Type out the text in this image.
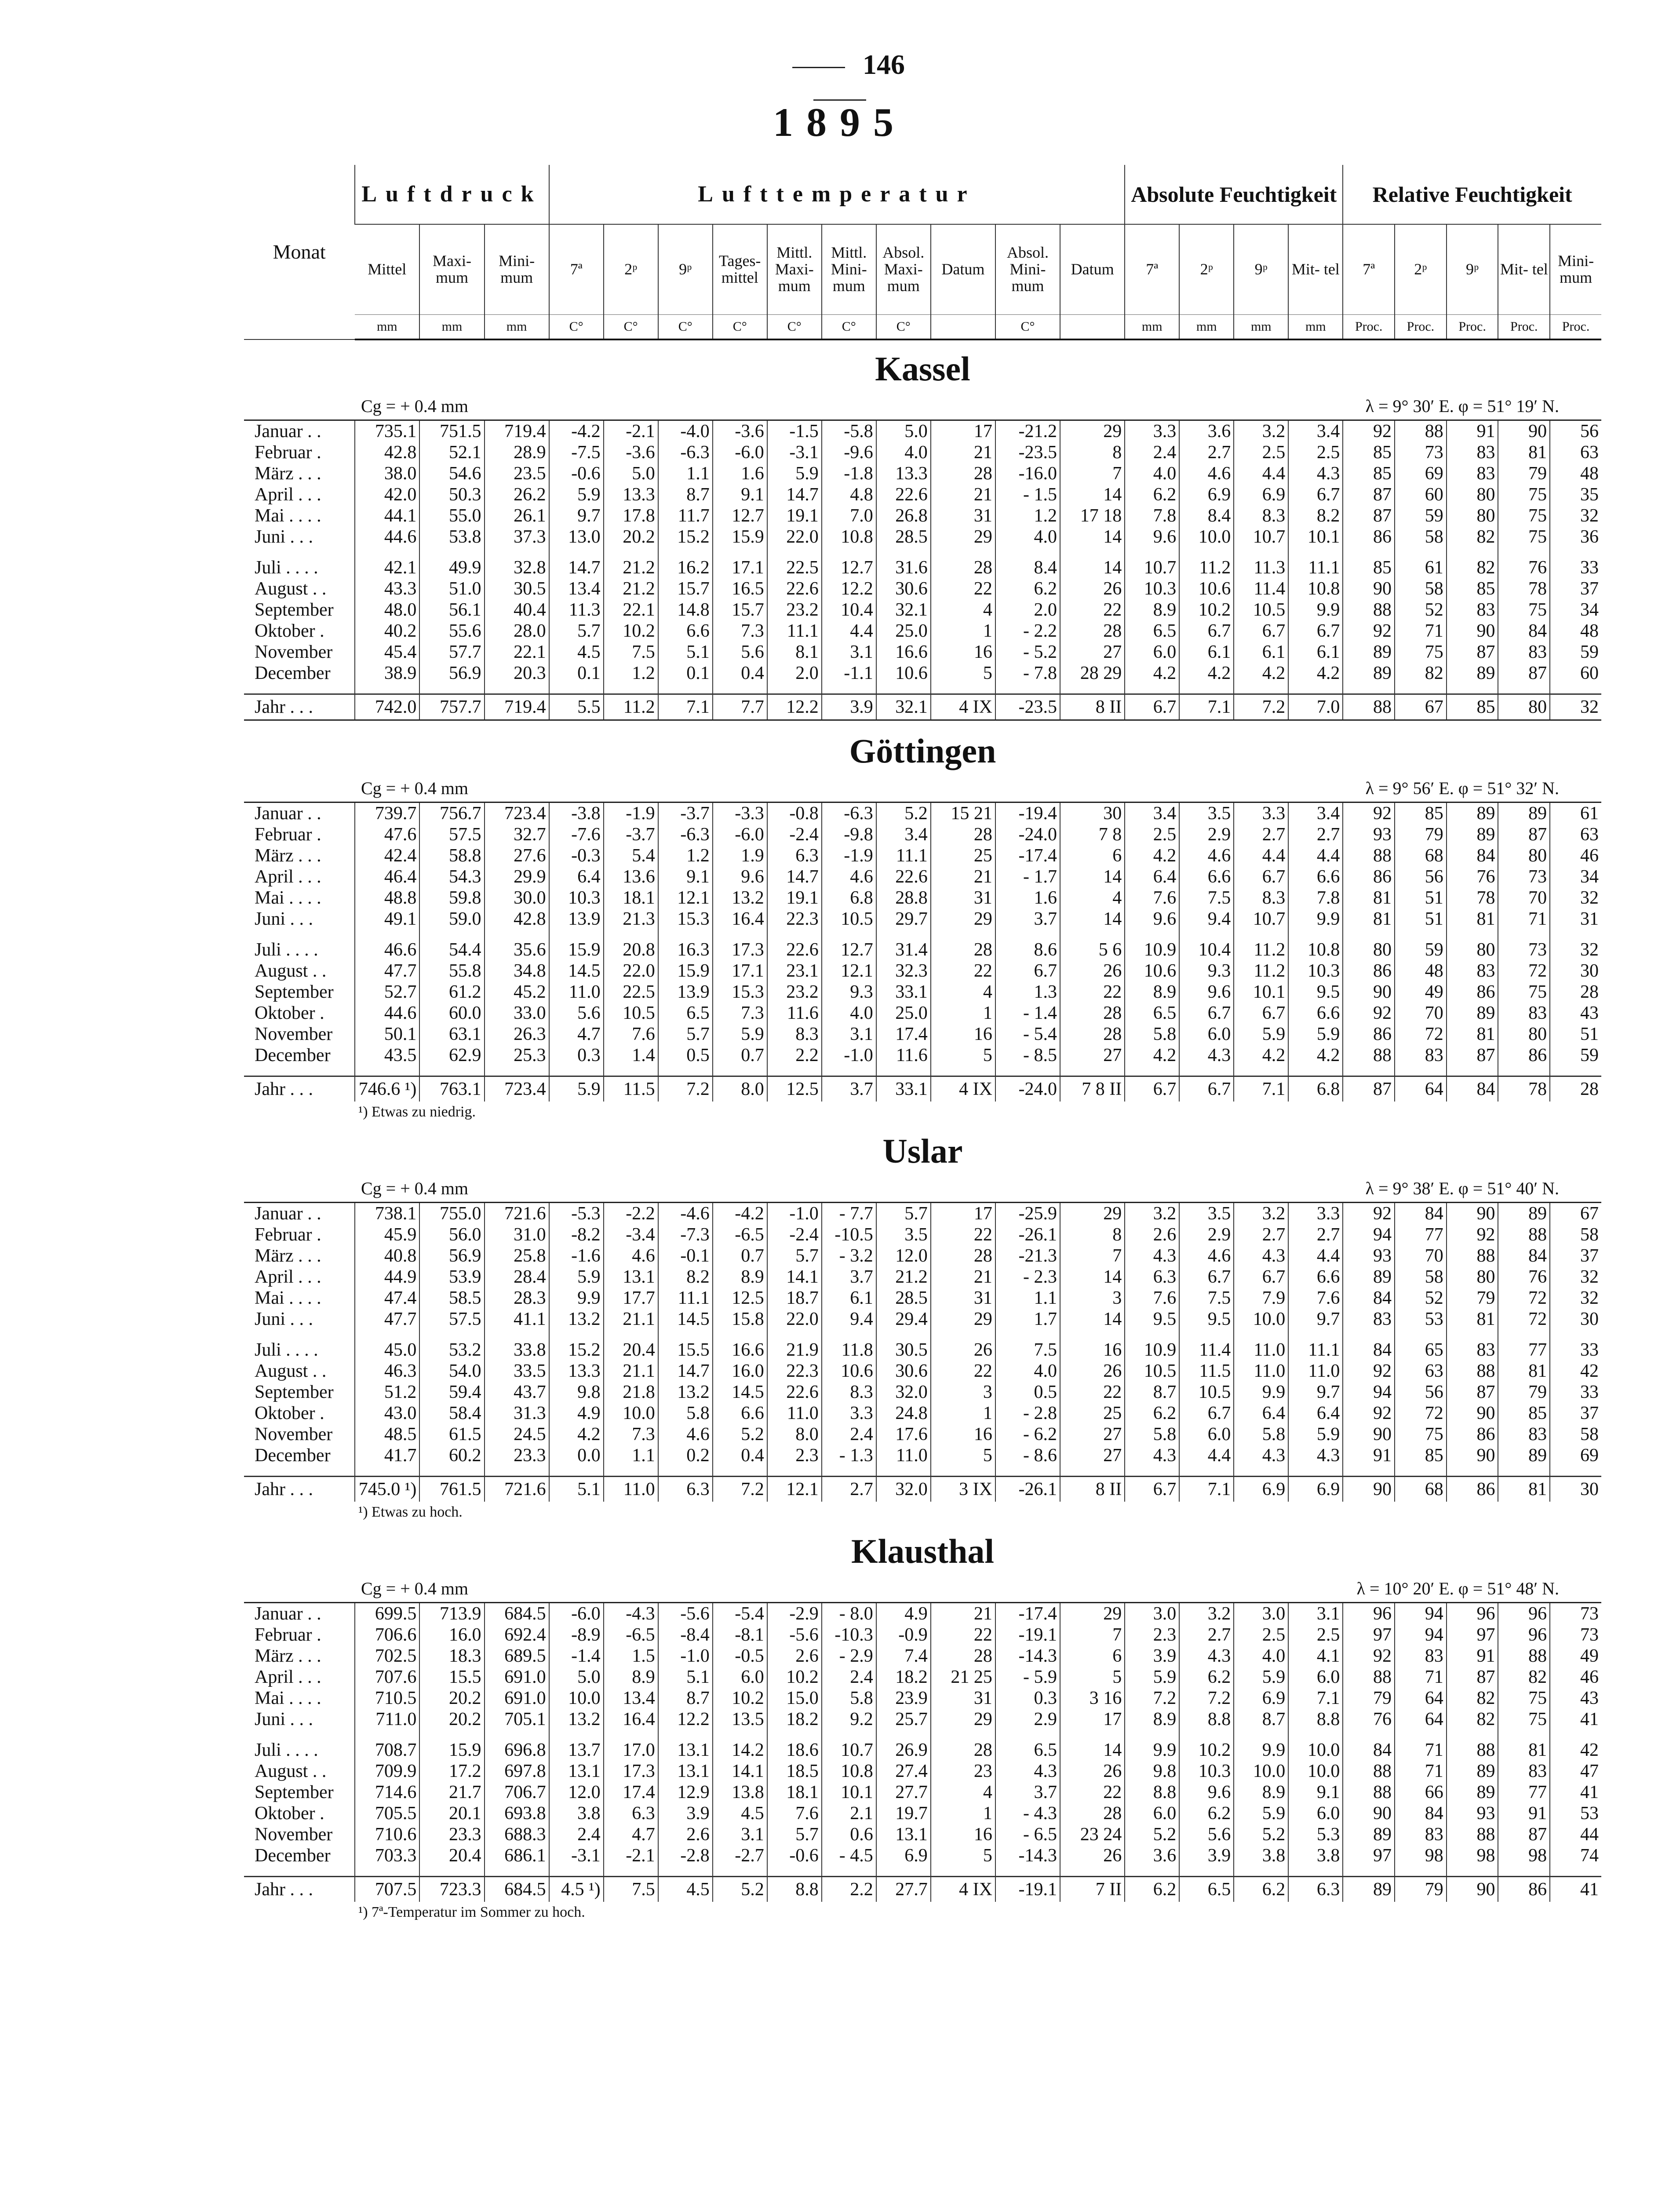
146
1895
Monat	Luftdruck			Lufttemperatur										Absolute Feuchtigkeit				Relative Feuchtigkeit				
	Mittel	Maxi- mum	Mini- mum	7ª	2ᵖ	9ᵖ	Tages- mittel	Mittl. Maxi- mum	Mittl. Mini- mum	Absol. Maxi- mum	Datum	Absol. Mini- mum	Datum	7ª	2ᵖ	9ᵖ	Mit- tel	7ª	2ᵖ	9ᵖ	Mit- tel	Mini- mum
	mm	mm	mm	C°	C°	C°	C°	C°	C°	C°		C°		mm	mm	mm	mm	Proc.	Proc.	Proc.	Proc.	Proc.
Kassel																						

Cg = + 0.4 mm λ = 9° 30′ E. φ = 51° 19′ N.																						

Januar . .	735.1	751.5	719.4	-4.2	-2.1	-4.0	-3.6	-1.5	-5.8	5.0	17	-21.2	29	3.3	3.6	3.2	3.4	92	88	91	90	56
Februar .	42.8	52.1	28.9	-7.5	-3.6	-6.3	-6.0	-3.1	-9.6	4.0	21	-23.5	8	2.4	2.7	2.5	2.5	85	73	83	81	63
März . . .	38.0	54.6	23.5	-0.6	5.0	1.1	1.6	5.9	-1.8	13.3	28	-16.0	7	4.0	4.6	4.4	4.3	85	69	83	79	48
April . . .	42.0	50.3	26.2	5.9	13.3	8.7	9.1	14.7	4.8	22.6	21	- 1.5	14	6.2	6.9	6.9	6.7	87	60	80	75	35
Mai . . . .	44.1	55.0	26.1	9.7	17.8	11.7	12.7	19.1	7.0	26.8	31	1.2	17 18	7.8	8.4	8.3	8.2	87	59	80	75	32
Juni . . .	44.6	53.8	37.3	13.0	20.2	15.2	15.9	22.0	10.8	28.5	29	4.0	14	9.6	10.0	10.7	10.1	86	58	82	75	36

Juli . . . .	42.1	49.9	32.8	14.7	21.2	16.2	17.1	22.5	12.7	31.6	28	8.4	14	10.7	11.2	11.3	11.1	85	61	82	76	33
August . .	43.3	51.0	30.5	13.4	21.2	15.7	16.5	22.6	12.2	30.6	22	6.2	26	10.3	10.6	11.4	10.8	90	58	85	78	37
September	48.0	56.1	40.4	11.3	22.1	14.8	15.7	23.2	10.4	32.1	4	2.0	22	8.9	10.2	10.5	9.9	88	52	83	75	34
Oktober .	40.2	55.6	28.0	5.7	10.2	6.6	7.3	11.1	4.4	25.0	1	- 2.2	28	6.5	6.7	6.7	6.7	92	71	90	84	48
November	45.4	57.7	22.1	4.5	7.5	5.1	5.6	8.1	3.1	16.6	16	- 5.2	27	6.0	6.1	6.1	6.1	89	75	87	83	59
December	38.9	56.9	20.3	0.1	1.2	0.1	0.4	2.0	-1.1	10.6	5	- 7.8	28 29	4.2	4.2	4.2	4.2	89	82	89	87	60

Jahr . . .	742.0	757.7	719.4	5.5	11.2	7.1	7.7	12.2	3.9	32.1	4 IX	-23.5	8 II	6.7	7.1	7.2	7.0	88	67	85	80	32

Göttingen																						

Cg = + 0.4 mm λ = 9° 56′ E. φ = 51° 32′ N.																						

Januar . .	739.7	756.7	723.4	-3.8	-1.9	-3.7	-3.3	-0.8	-6.3	5.2	15 21	-19.4	30	3.4	3.5	3.3	3.4	92	85	89	89	61
Februar .	47.6	57.5	32.7	-7.6	-3.7	-6.3	-6.0	-2.4	-9.8	3.4	28	-24.0	7 8	2.5	2.9	2.7	2.7	93	79	89	87	63
März . . .	42.4	58.8	27.6	-0.3	5.4	1.2	1.9	6.3	-1.9	11.1	25	-17.4	6	4.2	4.6	4.4	4.4	88	68	84	80	46
April . . .	46.4	54.3	29.9	6.4	13.6	9.1	9.6	14.7	4.6	22.6	21	- 1.7	14	6.4	6.6	6.7	6.6	86	56	76	73	34
Mai . . . .	48.8	59.8	30.0	10.3	18.1	12.1	13.2	19.1	6.8	28.8	31	1.6	4	7.6	7.5	8.3	7.8	81	51	78	70	32
Juni . . .	49.1	59.0	42.8	13.9	21.3	15.3	16.4	22.3	10.5	29.7	29	3.7	14	9.6	9.4	10.7	9.9	81	51	81	71	31

Juli . . . .	46.6	54.4	35.6	15.9	20.8	16.3	17.3	22.6	12.7	31.4	28	8.6	5 6	10.9	10.4	11.2	10.8	80	59	80	73	32
August . .	47.7	55.8	34.8	14.5	22.0	15.9	17.1	23.1	12.1	32.3	22	6.7	26	10.6	9.3	11.2	10.3	86	48	83	72	30
September	52.7	61.2	45.2	11.0	22.5	13.9	15.3	23.2	9.3	33.1	4	1.3	22	8.9	9.6	10.1	9.5	90	49	86	75	28
Oktober .	44.6	60.0	33.0	5.6	10.5	6.5	7.3	11.6	4.0	25.0	1	- 1.4	28	6.5	6.7	6.7	6.6	92	70	89	83	43
November	50.1	63.1	26.3	4.7	7.6	5.7	5.9	8.3	3.1	17.4	16	- 5.4	28	5.8	6.0	5.9	5.9	86	72	81	80	51
December	43.5	62.9	25.3	0.3	1.4	0.5	0.7	2.2	-1.0	11.6	5	- 8.5	27	4.2	4.3	4.2	4.2	88	83	87	86	59

Jahr . . .	746.6 ¹)	763.1	723.4	5.9	11.5	7.2	8.0	12.5	3.7	33.1	4 IX	-24.0	7 8 II	6.7	6.7	7.1	6.8	87	64	84	78	28
¹) Etwas zu niedrig.																						
Uslar																						

Cg = + 0.4 mm λ = 9° 38′ E. φ = 51° 40′ N.																						

Januar . .	738.1	755.0	721.6	-5.3	-2.2	-4.6	-4.2	-1.0	- 7.7	5.7	17	-25.9	29	3.2	3.5	3.2	3.3	92	84	90	89	67
Februar .	45.9	56.0	31.0	-8.2	-3.4	-7.3	-6.5	-2.4	-10.5	3.5	22	-26.1	8	2.6	2.9	2.7	2.7	94	77	92	88	58
März . . .	40.8	56.9	25.8	-1.6	4.6	-0.1	0.7	5.7	- 3.2	12.0	28	-21.3	7	4.3	4.6	4.3	4.4	93	70	88	84	37
April . . .	44.9	53.9	28.4	5.9	13.1	8.2	8.9	14.1	3.7	21.2	21	- 2.3	14	6.3	6.7	6.7	6.6	89	58	80	76	32
Mai . . . .	47.4	58.5	28.3	9.9	17.7	11.1	12.5	18.7	6.1	28.5	31	1.1	3	7.6	7.5	7.9	7.6	84	52	79	72	32
Juni . . .	47.7	57.5	41.1	13.2	21.1	14.5	15.8	22.0	9.4	29.4	29	1.7	14	9.5	9.5	10.0	9.7	83	53	81	72	30

Juli . . . .	45.0	53.2	33.8	15.2	20.4	15.5	16.6	21.9	11.8	30.5	26	7.5	16	10.9	11.4	11.0	11.1	84	65	83	77	33
August . .	46.3	54.0	33.5	13.3	21.1	14.7	16.0	22.3	10.6	30.6	22	4.0	26	10.5	11.5	11.0	11.0	92	63	88	81	42
September	51.2	59.4	43.7	9.8	21.8	13.2	14.5	22.6	8.3	32.0	3	0.5	22	8.7	10.5	9.9	9.7	94	56	87	79	33
Oktober .	43.0	58.4	31.3	4.9	10.0	5.8	6.6	11.0	3.3	24.8	1	- 2.8	25	6.2	6.7	6.4	6.4	92	72	90	85	37
November	48.5	61.5	24.5	4.2	7.3	4.6	5.2	8.0	2.4	17.6	16	- 6.2	27	5.8	6.0	5.8	5.9	90	75	86	83	58
December	41.7	60.2	23.3	0.0	1.1	0.2	0.4	2.3	- 1.3	11.0	5	- 8.6	27	4.3	4.4	4.3	4.3	91	85	90	89	69

Jahr . . .	745.0 ¹)	761.5	721.6	5.1	11.0	6.3	7.2	12.1	2.7	32.0	3 IX	-26.1	8 II	6.7	7.1	6.9	6.9	90	68	86	81	30
¹) Etwas zu hoch.																						
Klausthal																						

Cg = + 0.4 mm λ = 10° 20′ E. φ = 51° 48′ N.																						

Januar . .	699.5	713.9	684.5	-6.0	-4.3	-5.6	-5.4	-2.9	- 8.0	4.9	21	-17.4	29	3.0	3.2	3.0	3.1	96	94	96	96	73
Februar .	706.6	16.0	692.4	-8.9	-6.5	-8.4	-8.1	-5.6	-10.3	-0.9	22	-19.1	7	2.3	2.7	2.5	2.5	97	94	97	96	73
März . . .	702.5	18.3	689.5	-1.4	1.5	-1.0	-0.5	2.6	- 2.9	7.4	28	-14.3	6	3.9	4.3	4.0	4.1	92	83	91	88	49
April . . .	707.6	15.5	691.0	5.0	8.9	5.1	6.0	10.2	2.4	18.2	21 25	- 5.9	5	5.9	6.2	5.9	6.0	88	71	87	82	46
Mai . . . .	710.5	20.2	691.0	10.0	13.4	8.7	10.2	15.0	5.8	23.9	31	0.3	3 16	7.2	7.2	6.9	7.1	79	64	82	75	43
Juni . . .	711.0	20.2	705.1	13.2	16.4	12.2	13.5	18.2	9.2	25.7	29	2.9	17	8.9	8.8	8.7	8.8	76	64	82	75	41

Juli . . . .	708.7	15.9	696.8	13.7	17.0	13.1	14.2	18.6	10.7	26.9	28	6.5	14	9.9	10.2	9.9	10.0	84	71	88	81	42
August . .	709.9	17.2	697.8	13.1	17.3	13.1	14.1	18.5	10.8	27.4	23	4.3	26	9.8	10.3	10.0	10.0	88	71	89	83	47
September	714.6	21.7	706.7	12.0	17.4	12.9	13.8	18.1	10.1	27.7	4	3.7	22	8.8	9.6	8.9	9.1	88	66	89	77	41
Oktober .	705.5	20.1	693.8	3.8	6.3	3.9	4.5	7.6	2.1	19.7	1	- 4.3	28	6.0	6.2	5.9	6.0	90	84	93	91	53
November	710.6	23.3	688.3	2.4	4.7	2.6	3.1	5.7	0.6	13.1	16	- 6.5	23 24	5.2	5.6	5.2	5.3	89	83	88	87	44
December	703.3	20.4	686.1	-3.1	-2.1	-2.8	-2.7	-0.6	- 4.5	6.9	5	-14.3	26	3.6	3.9	3.8	3.8	97	98	98	98	74

Jahr . . .	707.5	723.3	684.5	4.5 ¹)	7.5	4.5	5.2	8.8	2.2	27.7	4 IX	-19.1	7 II	6.2	6.5	6.2	6.3	89	79	90	86	41
¹) 7ª-Temperatur im Sommer zu hoch.																						
